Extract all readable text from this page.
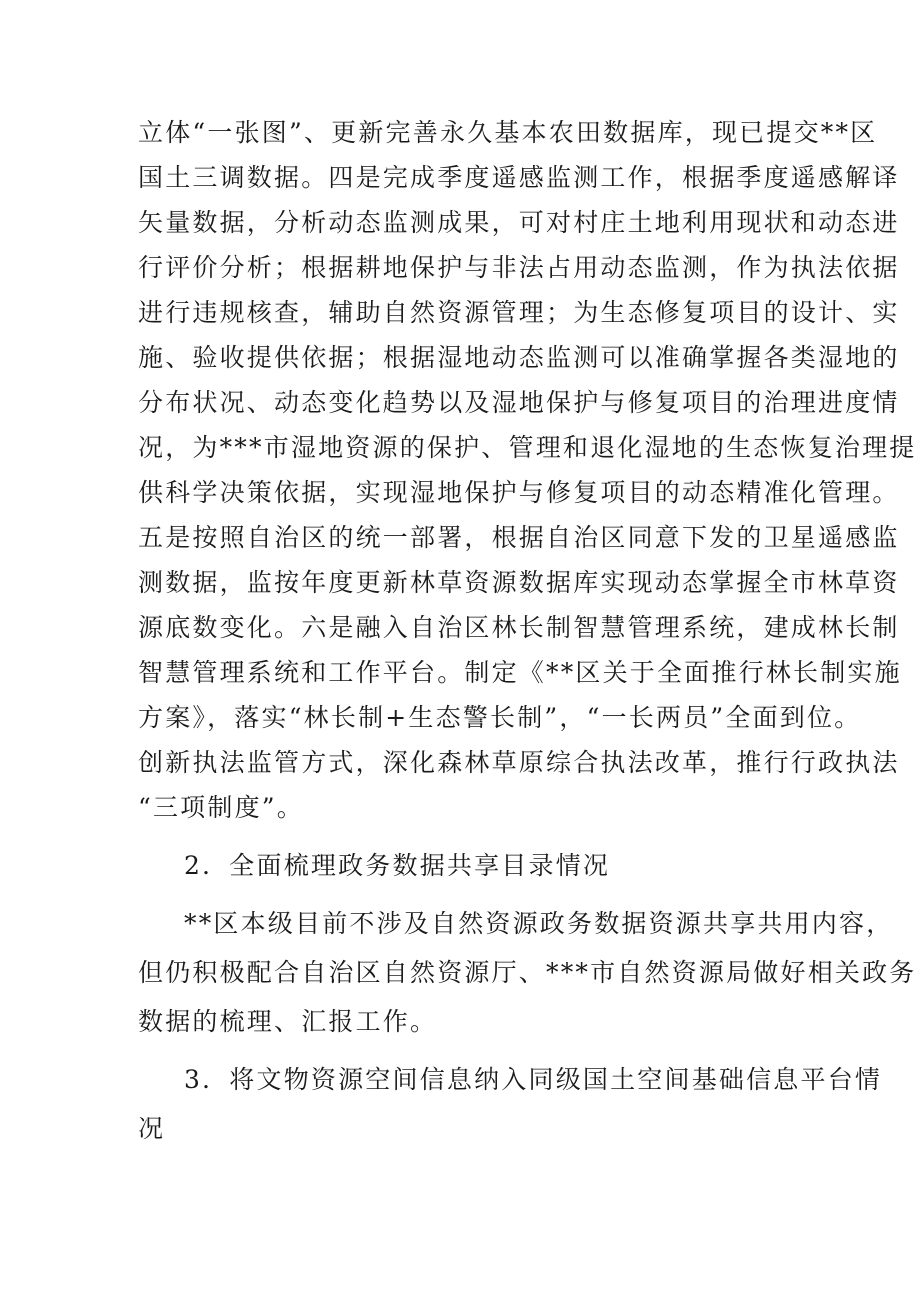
立体“一张图”、更新完善永久基本农田数据库，现已提交**区
国土三调数据。四是完成季度遥感监测工作，根据季度遥感解译
矢量数据，分析动态监测成果，可对村庄土地利用现状和动态进
行评价分析；根据耕地保护与非法占用动态监测，作为执法依据
进行违规核查，辅助自然资源管理；为生态修复项目的设计、实
施、验收提供依据；根据湿地动态监测可以准确掌握各类湿地的
分布状况、动态变化趋势以及湿地保护与修复项目的治理进度情
况，为***市湿地资源的保护、管理和退化湿地的生态恢复治理提
供科学决策依据，实现湿地保护与修复项目的动态精准化管理。
五是按照自治区的统一部署，根据自治区同意下发的卫星遥感监
测数据，监按年度更新林草资源数据库实现动态掌握全市林草资
源底数变化。六是融入自治区林长制智慧管理系统，建成林长制
智慧管理系统和工作平台。制定《**区关于全面推行林长制实施
方案》，落实“林长制+生态警长制”，“一长两员”全面到位。
创新执法监管方式，深化森林草原综合执法改革，推行行政执法
“三项制度”。
2．全面梳理政务数据共享目录情况
**区本级目前不涉及自然资源政务数据资源共享共用内容，
但仍积极配合自治区自然资源厅、***市自然资源局做好相关政务
数据的梳理、汇报工作。
3．将文物资源空间信息纳入同级国土空间基础信息平台情
况
